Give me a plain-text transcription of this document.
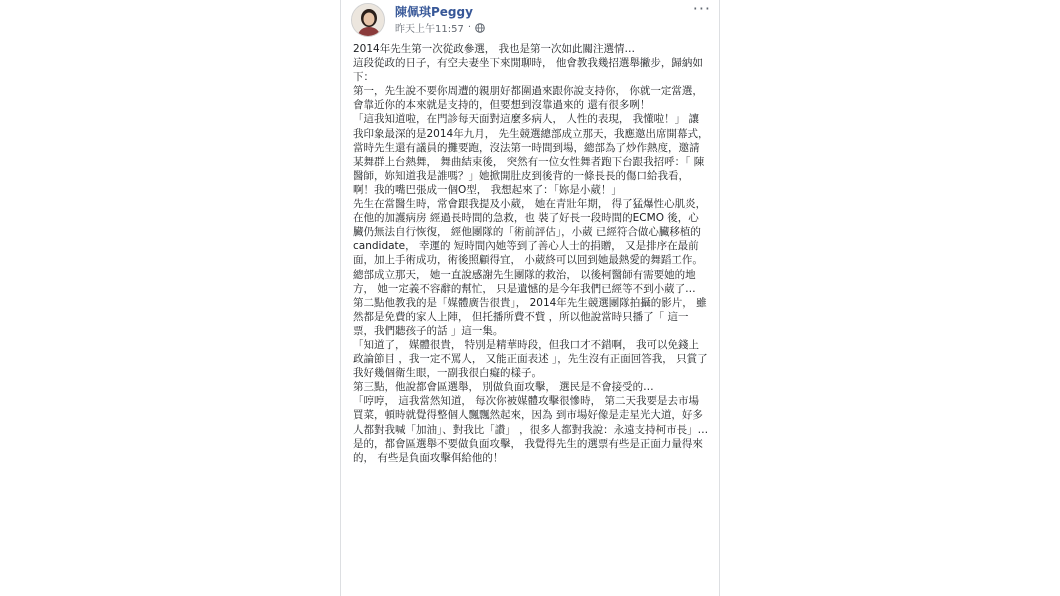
陳佩琪Peggy
昨天上午11:57 ·
···

2014年先生第一次從政參選， 我也是第一次如此關注選情…

這段從政的日子，有空夫妻坐下來閒聊時， 他會教我幾招選舉撇步，歸納如下：

第一，先生說不要你周遭的親朋好都圍過來跟你說支持你， 你就一定當選，會靠近你的本來就是支持的，但要想到沒靠過來的 還有很多咧！

「這我知道啦，在門診每天面對這麼多病人， 人性的表現， 我懂啦！」 讓我印象最深的是2014年九月， 先生競選總部成立那天，我應邀出席開幕式， 當時先生還有議員的攤要跑，沒法第一時間到場，總部為了炒作熱度，邀請某舞群上台熱舞， 舞曲結束後， 突然有一位女性舞者跑下台跟我招呼：「 陳醫師，妳知道我是誰嗎？」她掀開肚皮到後背的一條長長的傷口給我看， 啊！我的嘴巴張成一個O型， 我想起來了：「妳是小葳！」

先生在當醫生時，常會跟我提及小葳， 她在青壯年期， 得了猛爆性心肌炎， 在他的加護病房 經過長時間的急救，也 裝了好長一段時間的ECMO 後，心臟仍無法自行恢復， 經他團隊的「術前評估」，小葳 已經符合做心臟移植的candidate， 幸運的 短時間內她等到了善心人士的捐贈， 又是排序在最前面，加上手術成功，術後照顧得宜， 小葳終可以回到她最熱愛的舞蹈工作。總部成立那天， 她一直說感謝先生團隊的救治， 以後柯醫師有需要她的地方， 她一定義不容辭的幫忙， 只是遺憾的是今年我們已經等不到小葳了…

第二點他教我的是「媒體廣告很貴」， 2014年先生競選團隊拍攝的影片， 雖然都是免費的家人上陣， 但托播所費不貲 ，所以他說當時只播了「 這一票，我們聽孩子的話 」這一集。

「知道了， 媒體很貴， 特別是精華時段，但我口才不錯啊， 我可以免錢上政論節目 ，我一定不罵人， 又能正面表述 」，先生沒有正面回答我， 只賞了我好幾個衛生眼，一副我很白癡的樣子。

第三點，他說都會區選舉， 別做負面攻擊， 選民是不會接受的…

「哼哼， 這我當然知道， 每次你被媒體攻擊很慘時， 第二天我要是去市場買菜，頓時就覺得整個人飄飄然起來，因為 到市場好像是走星光大道，好多人都對我喊「加油」、對我比「讚」 ，很多人都對我說：永遠支持柯市長」…

是的，都會區選舉不要做負面攻擊， 我覺得先生的選票有些是正面力量得來的， 有些是負面攻擊佴給他的！
